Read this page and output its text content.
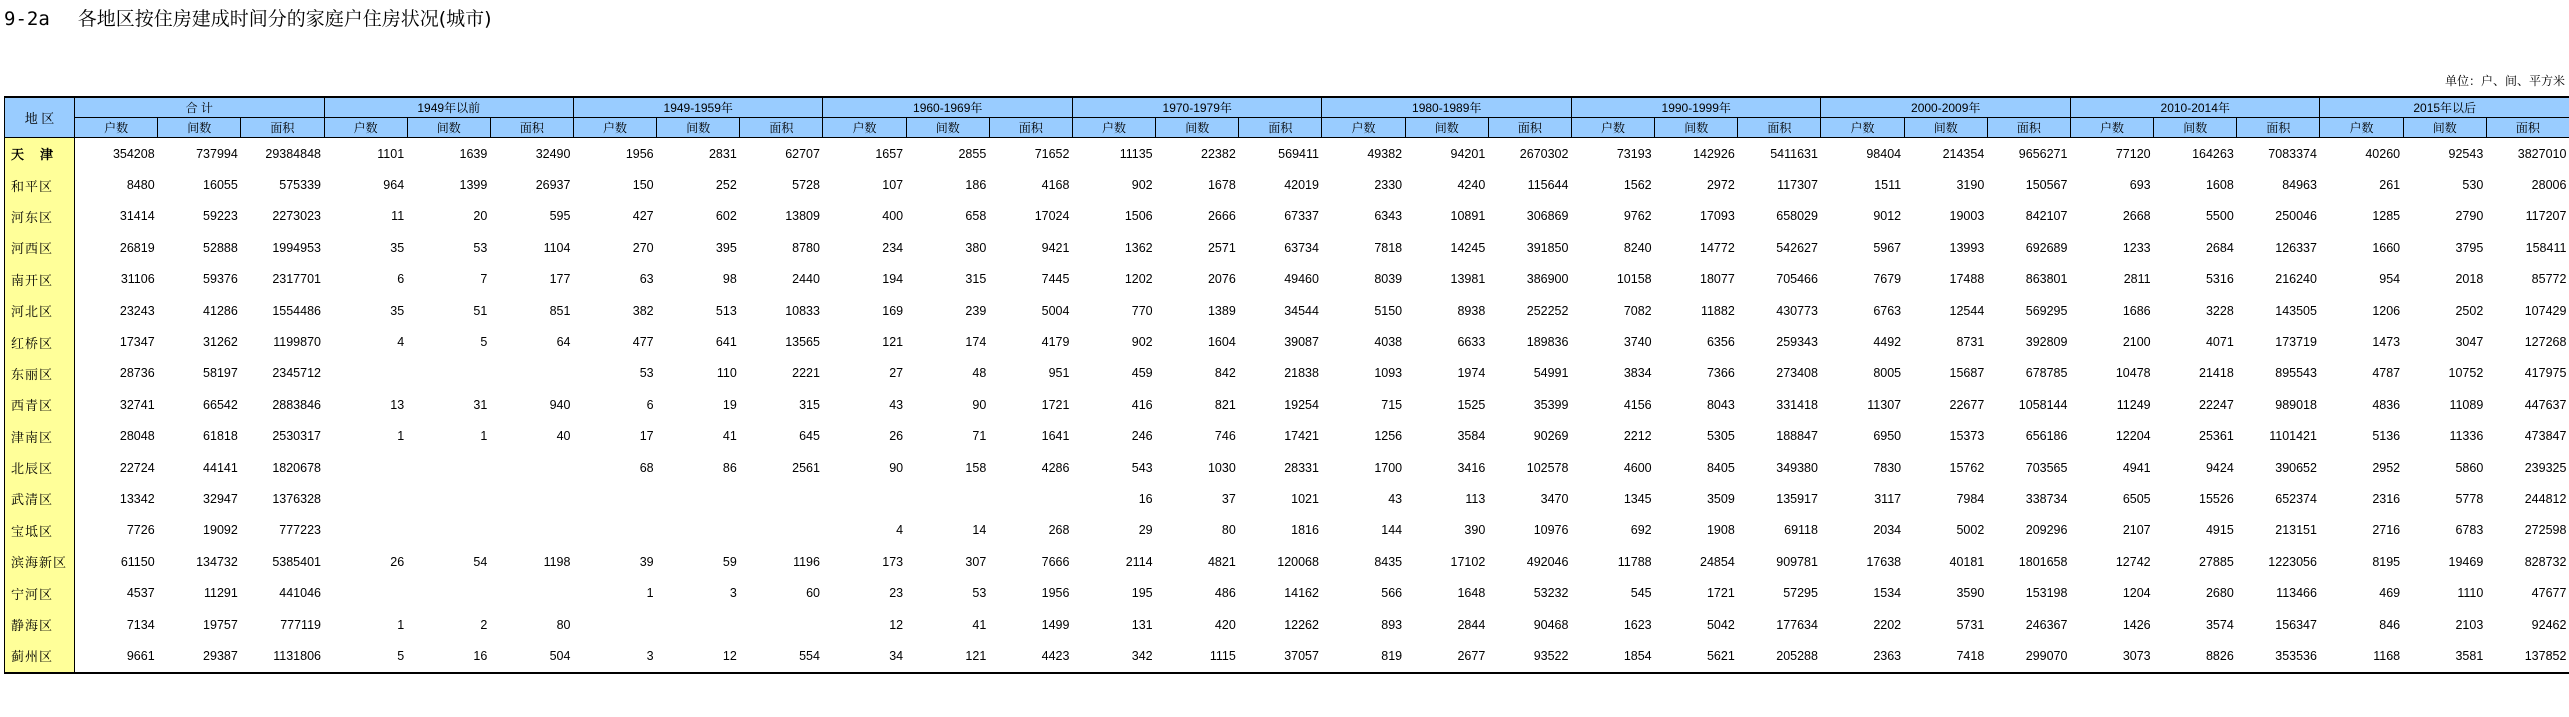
9-2a 各地区按住房建成时间分的家庭户住房状况(城市)
单位：户、间、平方米
地 区	合 计			1949年以前			1949-1959年			1960-1969年			1970-1979年			1980-1989年			1990-1999年			2000-2009年			2010-2014年			2015年以后		
	户数	间数	面积	户数	间数	面积	户数	间数	面积	户数	间数	面积	户数	间数	面积	户数	间数	面积	户数	间数	面积	户数	间数	面积	户数	间数	面积	户数	间数	面积
天津	354208	737994	29384848	1101	1639	32490	1956	2831	62707	1657	2855	71652	11135	22382	569411	49382	94201	2670302	73193	142926	5411631	98404	214354	9656271	77120	164263	7083374	40260	92543	3827010
和平区	8480	16055	575339	964	1399	26937	150	252	5728	107	186	4168	902	1678	42019	2330	4240	115644	1562	2972	117307	1511	3190	150567	693	1608	84963	261	530	28006
河东区	31414	59223	2273023	11	20	595	427	602	13809	400	658	17024	1506	2666	67337	6343	10891	306869	9762	17093	658029	9012	19003	842107	2668	5500	250046	1285	2790	117207
河西区	26819	52888	1994953	35	53	1104	270	395	8780	234	380	9421	1362	2571	63734	7818	14245	391850	8240	14772	542627	5967	13993	692689	1233	2684	126337	1660	3795	158411
南开区	31106	59376	2317701	6	7	177	63	98	2440	194	315	7445	1202	2076	49460	8039	13981	386900	10158	18077	705466	7679	17488	863801	2811	5316	216240	954	2018	85772
河北区	23243	41286	1554486	35	51	851	382	513	10833	169	239	5004	770	1389	34544	5150	8938	252252	7082	11882	430773	6763	12544	569295	1686	3228	143505	1206	2502	107429
红桥区	17347	31262	1199870	4	5	64	477	641	13565	121	174	4179	902	1604	39087	4038	6633	189836	3740	6356	259343	4492	8731	392809	2100	4071	173719	1473	3047	127268
东丽区	28736	58197	2345712				53	110	2221	27	48	951	459	842	21838	1093	1974	54991	3834	7366	273408	8005	15687	678785	10478	21418	895543	4787	10752	417975
西青区	32741	66542	2883846	13	31	940	6	19	315	43	90	1721	416	821	19254	715	1525	35399	4156	8043	331418	11307	22677	1058144	11249	22247	989018	4836	11089	447637
津南区	28048	61818	2530317	1	1	40	17	41	645	26	71	1641	246	746	17421	1256	3584	90269	2212	5305	188847	6950	15373	656186	12204	25361	1101421	5136	11336	473847
北辰区	22724	44141	1820678				68	86	2561	90	158	4286	543	1030	28331	1700	3416	102578	4600	8405	349380	7830	15762	703565	4941	9424	390652	2952	5860	239325
武清区	13342	32947	1376328										16	37	1021	43	113	3470	1345	3509	135917	3117	7984	338734	6505	15526	652374	2316	5778	244812
宝坻区	7726	19092	777223							4	14	268	29	80	1816	144	390	10976	692	1908	69118	2034	5002	209296	2107	4915	213151	2716	6783	272598
滨海新区	61150	134732	5385401	26	54	1198	39	59	1196	173	307	7666	2114	4821	120068	8435	17102	492046	11788	24854	909781	17638	40181	1801658	12742	27885	1223056	8195	19469	828732
宁河区	4537	11291	441046				1	3	60	23	53	1956	195	486	14162	566	1648	53232	545	1721	57295	1534	3590	153198	1204	2680	113466	469	1110	47677
静海区	7134	19757	777119	1	2	80				12	41	1499	131	420	12262	893	2844	90468	1623	5042	177634	2202	5731	246367	1426	3574	156347	846	2103	92462
蓟州区	9661	29387	1131806	5	16	504	3	12	554	34	121	4423	342	1115	37057	819	2677	93522	1854	5621	205288	2363	7418	299070	3073	8826	353536	1168	3581	137852
